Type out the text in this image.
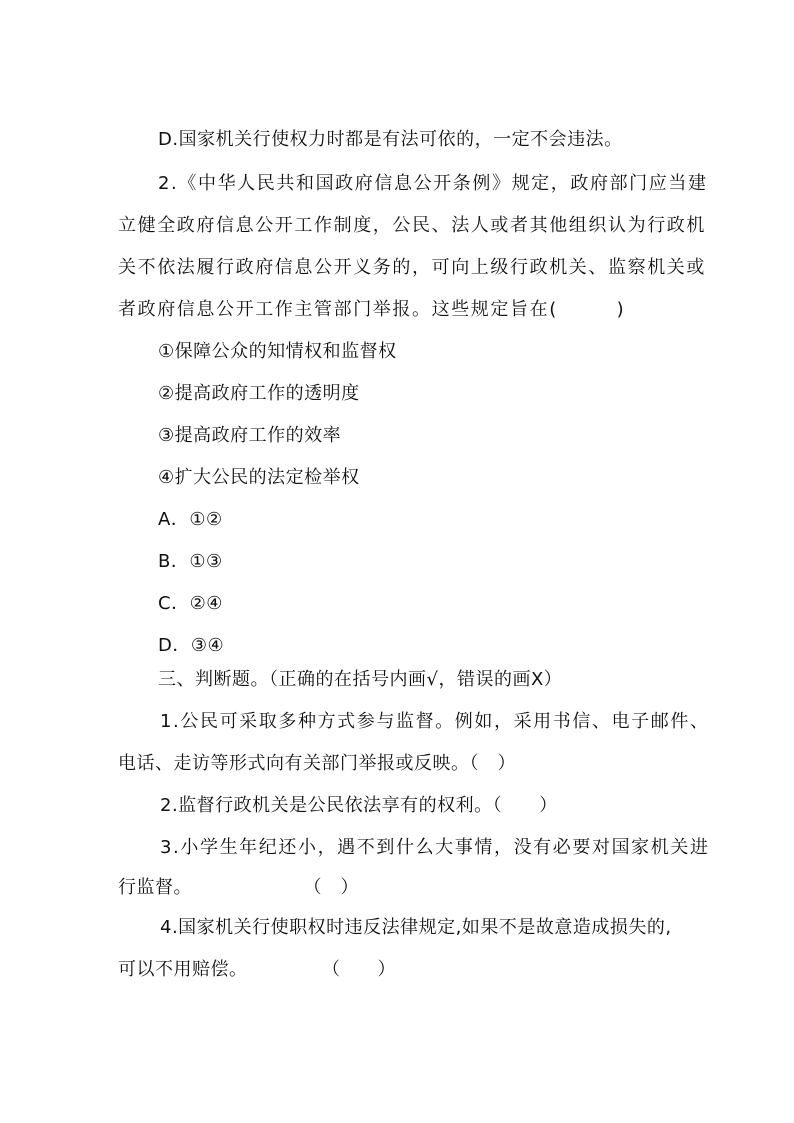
D.国家机关行使权力时都是有法可依的，一定不会违法。
2.《中华人民共和国政府信息公开条例》规定，政府部门应当建
立健全政府信息公开工作制度，公民、法人或者其他组织认为行政机
关不依法履行政府信息公开义务的，可向上级行政机关、监察机关或
者政府信息公开工作主管部门举报。这些规定旨在(　　　)
①保障公众的知情权和监督权
②提高政府工作的透明度
③提高政府工作的效率
④扩大公民的法定检举权
A．①②
B．①③
C．②④
D．③④
三、判断题。（正确的在括号内画√，错误的画X）
1.公民可采取多种方式参与监督。例如，采用书信、电子邮件、
电话、走访等形式向有关部门举报或反映。（　）
2.监督行政机关是公民依法享有的权利。（　　）
3.小学生年纪还小，遇不到什么大事情，没有必要对国家机关进
行监督。　　　　　　　（　）
4.国家机关行使职权时违反法律规定,如果不是故意造成损失的,
可以不用赔偿。　　　　　（　　）
